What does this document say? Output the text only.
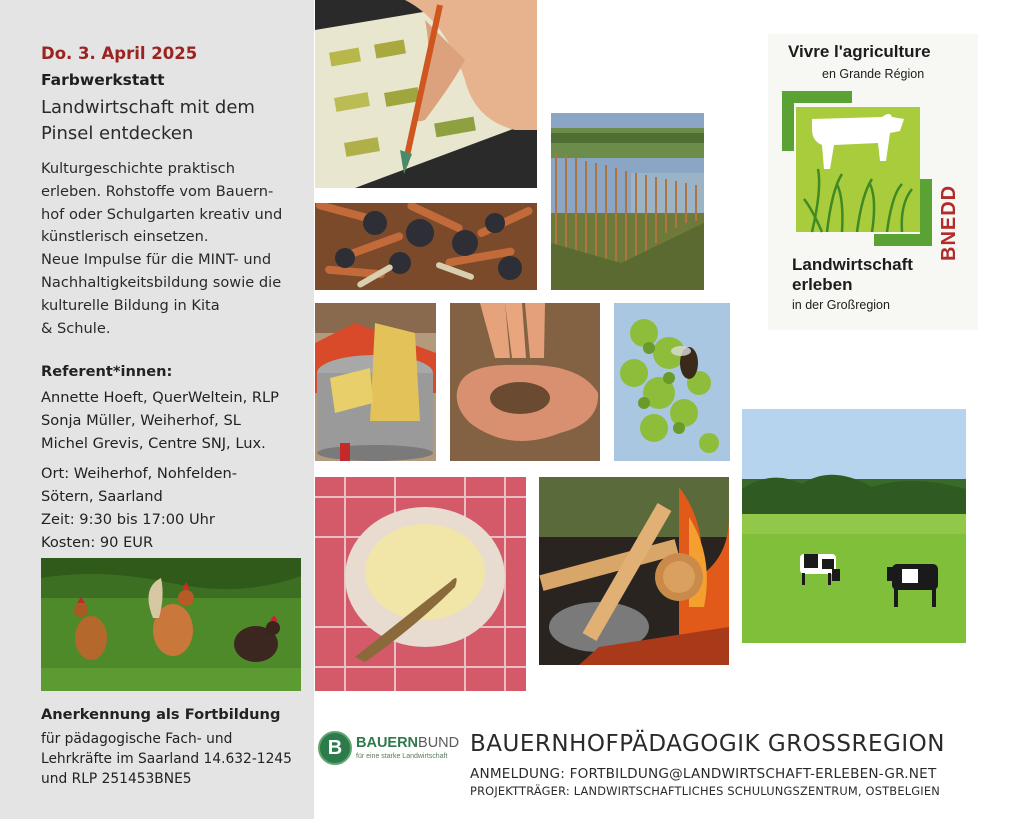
Do. 3. April 2025
Farbwerkstatt
Landwirtschaft mit dem
Pinsel entdecken
Kulturgeschichte praktisch
erleben. Rohstoffe vom Bauern-
hof oder Schulgarten kreativ und
künstlerisch einsetzen.
Neue Impulse für die MINT- und
Nachhaltigkeitsbildung sowie die
kulturelle Bildung in Kita
& Schule.
Referent*innen:
Annette Hoeft, QuerWeltein, RLP
Sonja Müller, Weiherhof, SL
Michel Grevis, Centre SNJ, Lux.
Ort: Weiherhof, Nohfelden-
Sötern, Saarland
Zeit: 9:30 bis 17:00 Uhr
Kosten: 90 EUR
Anerkennung als Fortbildung
für pädagogische Fach- und
Lehrkräfte im Saarland 14.632-1245
und RLP 251453BNE5
Vivre l'agriculture
en Grande Région
BNEDD
Landwirtschaft
erleben
in der Großregion
B BAUERNBUND
für eine starke Landwirtschaft BAUERNHOFPÄDAGOGIK GROSSREGION
ANMELDUNG: FORTBILDUNG@LANDWIRTSCHAFT-ERLEBEN-GR.NET
PROJEKTTRÄGER: LANDWIRTSCHAFTLICHES SCHULUNGSZENTRUM, OSTBELGIEN
